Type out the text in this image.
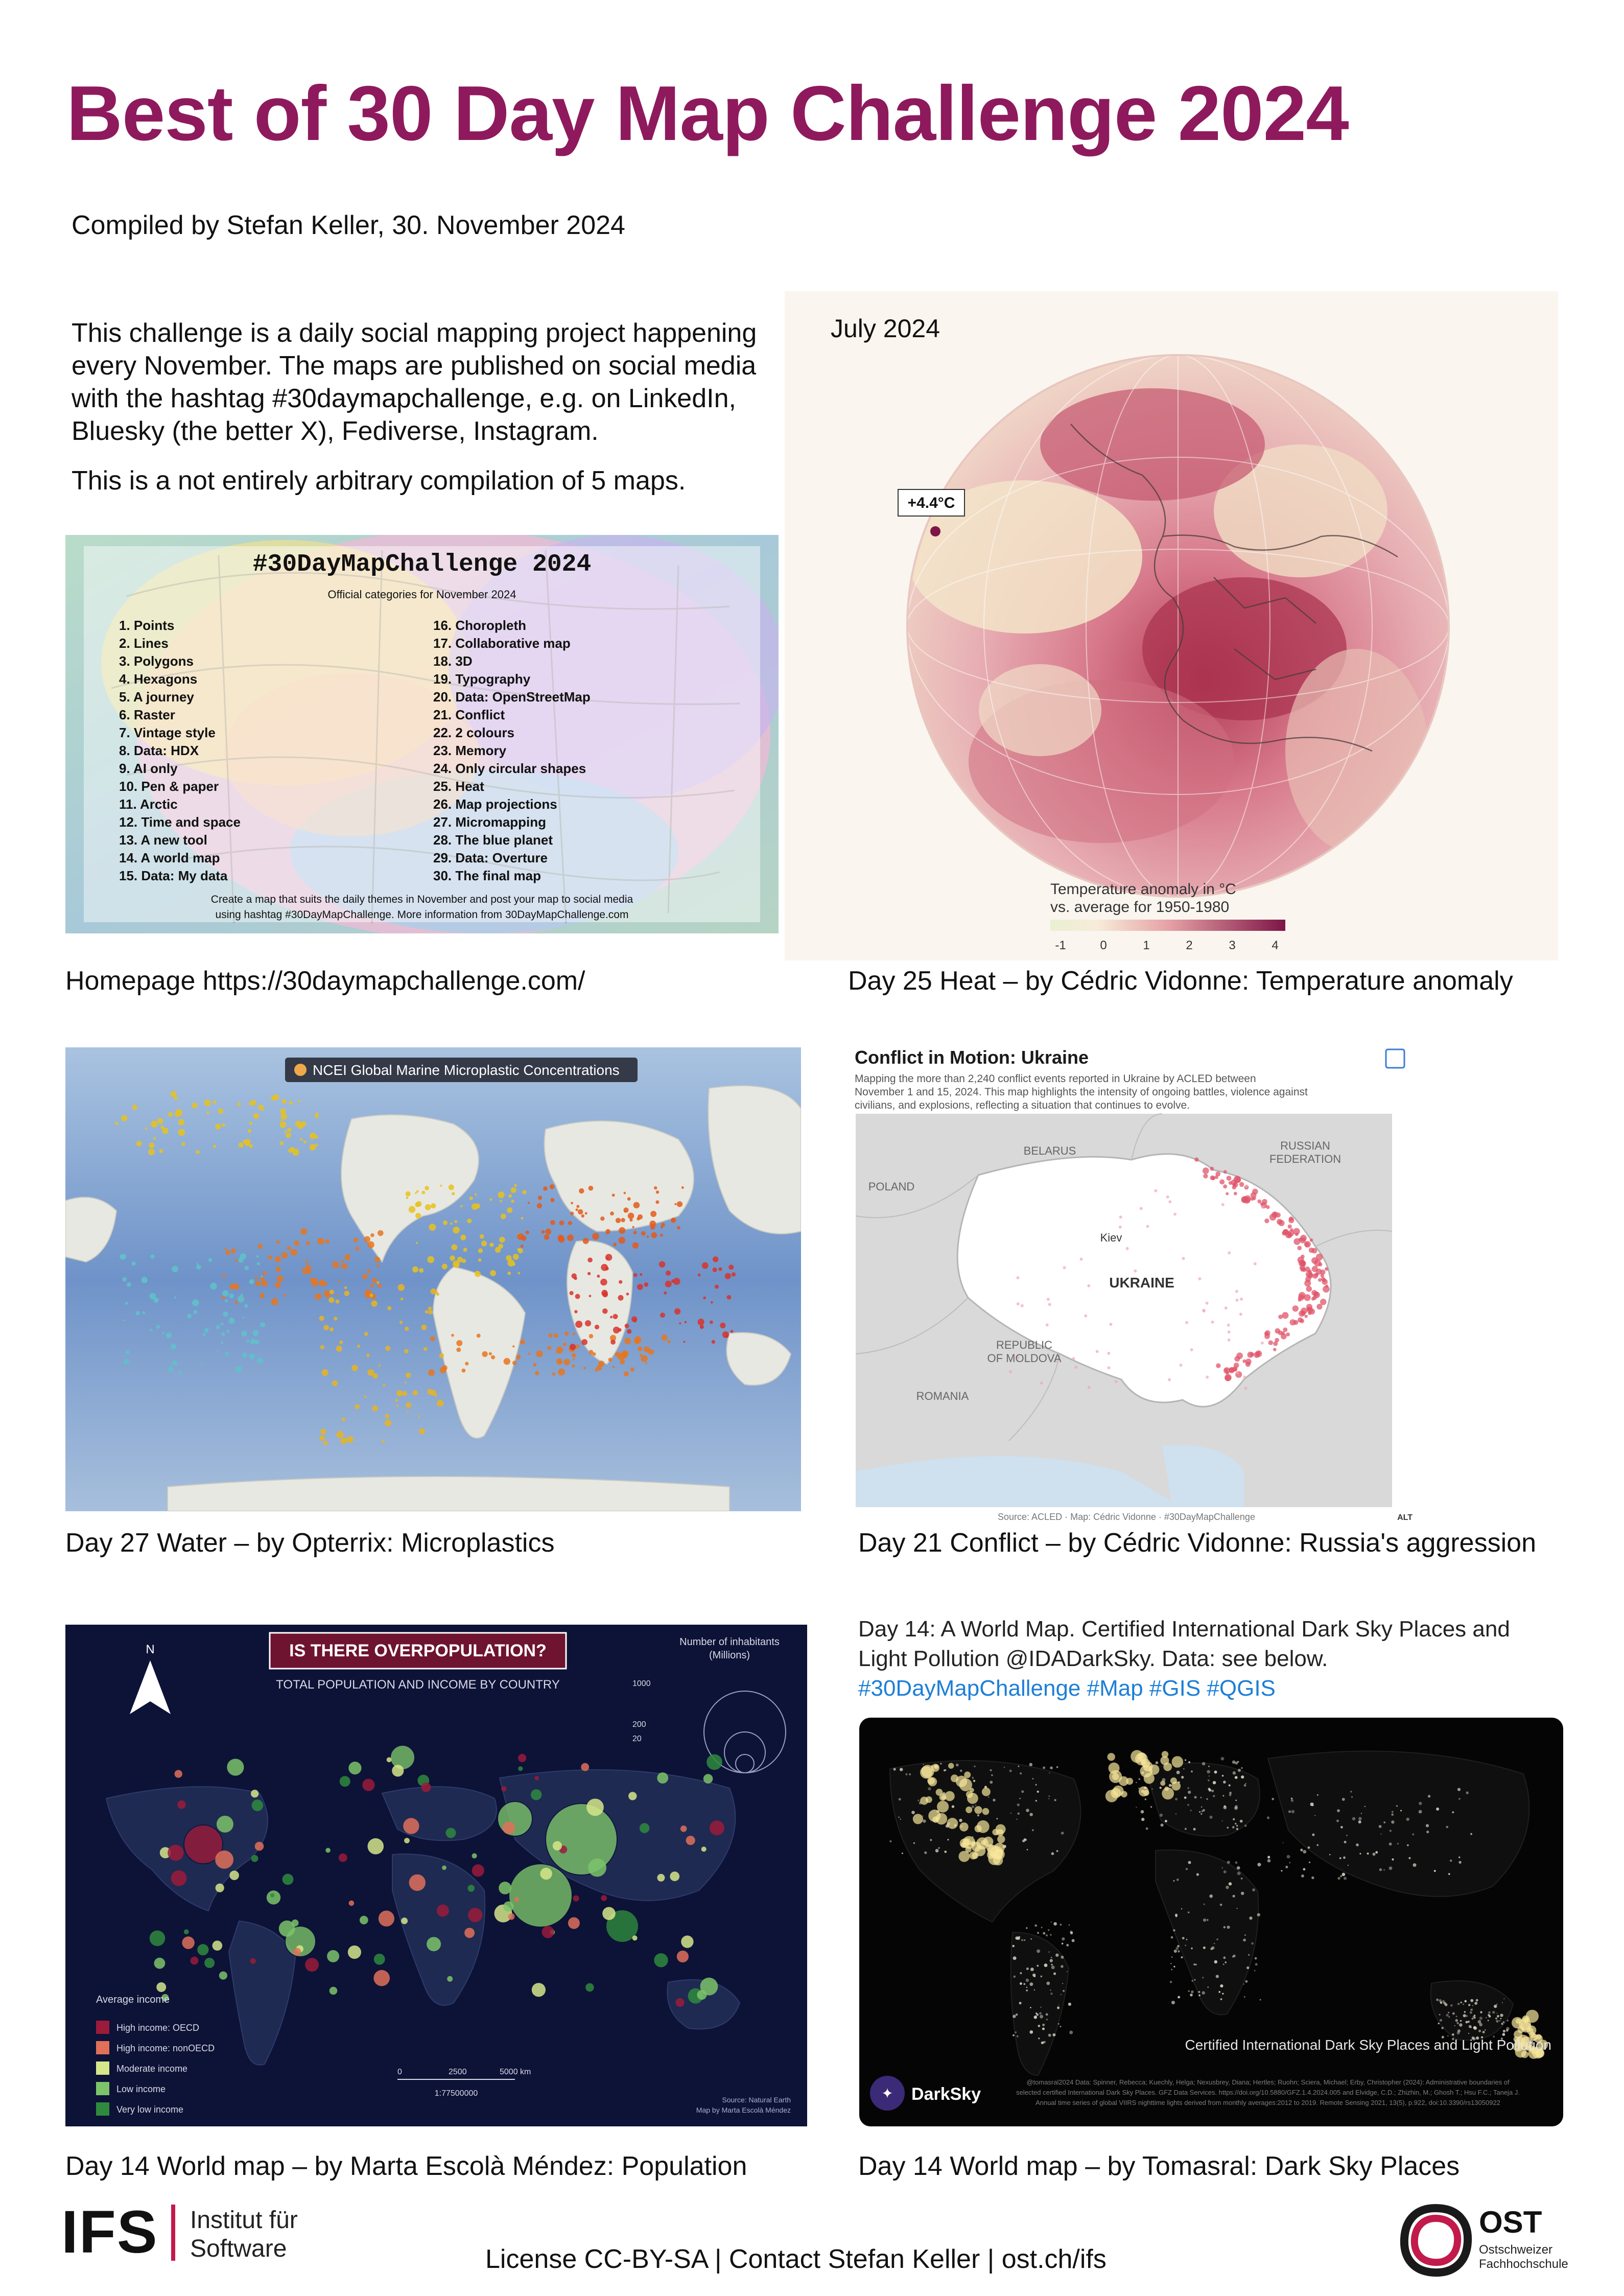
Best of 30 Day Map Challenge 2024
Compiled by Stefan Keller, 30. November 2024
This challenge is a daily social mapping project happening every November. The maps are published on social media with the hashtag #30daymapchallenge, e.g. on LinkedIn, Bluesky (the better X), Fediverse, Instagram.
This is a not entirely arbitrary compilation of 5 maps.
#30DayMapChallenge 2024
Official categories for November 2024
1. Points
2. Lines
3. Polygons
4. Hexagons
5. A journey
6. Raster
7. Vintage style
8. Data: HDX
9. AI only
10. Pen & paper
11. Arctic
12. Time and space
13. A new tool
14. A world map
15. Data: My data
16. Choropleth
17. Collaborative map
18. 3D
19. Typography
20. Data: OpenStreetMap
21. Conflict
22. 2 colours
23. Memory
24. Only circular shapes
25. Heat
26. Map projections
27. Micromapping
28. The blue planet
29. Data: Overture
30. The final map
Create a map that suits the daily themes in November and post your map to social media
using hashtag #30DayMapChallenge. More information from 30DayMapChallenge.com
Homepage https://30daymapchallenge.com/
July 2024
+4.4°C
Temperature anomaly in °C
vs. average for 1950-1980
-1	0	1	2	3	4
Day 25 Heat – by Cédric Vidonne: Temperature anomaly
NCEI Global Marine Microplastic Concentrations
Day 27 Water – by Opterrix: Microplastics
Conflict in Motion: Ukraine
Mapping the more than 2,240 conflict events reported in Ukraine by ACLED between
November 1 and 15, 2024. This map highlights the intensity of ongoing battles, violence against
civilians, and explosions, reflecting a situation that continues to evolve.
BELARUS	RUSSIAN
FEDERATION
POLAND
Kiev
UKRAINE
REPUBLIC
OF MOLDOVA
ROMANIA
Source: ACLED · Map: Cédric Vidonne · #30DayMapChallenge	ALT
Day 21 Conflict – by Cédric Vidonne: Russia's aggression
IS THERE OVERPOPULATION?
TOTAL POPULATION AND INCOME BY COUNTRY
N
Number of inhabitants
(Millions)
1000
200
20
Average income
High income: OECD
High income: nonOECD
Moderate income
Low income
Very low income
0	2500	5000 km
1:77500000
Source: Natural Earth
Map by Marta Escolà Méndez
Day 14 World map – by Marta Escolà Méndez: Population
Day 14: A World Map. Certified International Dark Sky Places and
Light Pollution @IDADarkSky. Data: see below.
#30DayMapChallenge #Map #GIS #QGIS
Certified International Dark Sky Places and Light Pollution
✦ DarkSky
@tomasral2024 Data: Spinner, Rebecca; Kuechly, Helga; Nexusbrey, Diana; Hertles; Ruohn; Sciera, Michael; Erby, Christopher (2024): Administrative boundaries of
selected certified International Dark Sky Places. GFZ Data Services. https://doi.org/10.5880/GFZ.1.4.2024.005 and Elvidge, C.D.; Zhizhin, M.; Ghosh T.; Hsu F.C.; Taneja J.
Annual time series of global VIIRS nighttime lights derived from monthly averages:2012 to 2019. Remote Sensing 2021, 13(5), p.922, doi:10.3390/rs13050922
Day 14 World map – by Tomasral: Dark Sky Places
IFS Institut für
Software	License CC-BY-SA | Contact Stefan Keller | ost.ch/ifs
OST
Ostschweizer
Fachhochschule
